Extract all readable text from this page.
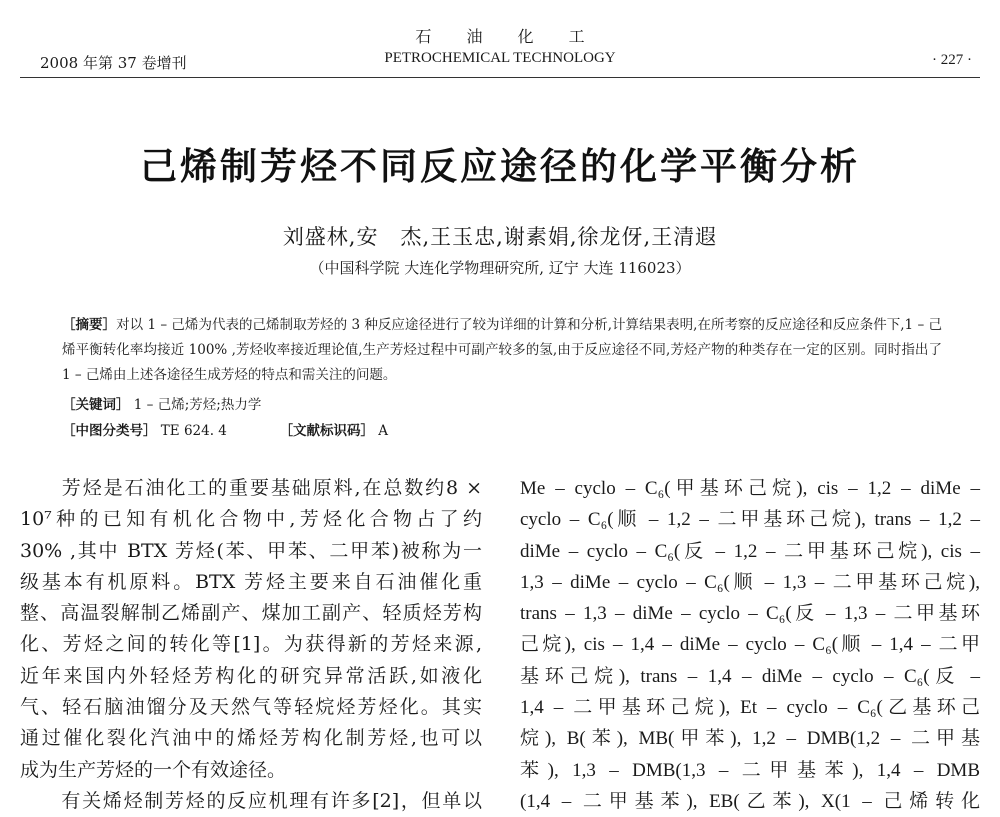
2008 年第 37 卷增刊
石 油 化 工
PETROCHEMICAL TECHNOLOGY	· 227 ·
己烯制芳烃不同反应途径的化学平衡分析
刘盛林,安　杰,王玉忠,谢素娟,徐龙伢,王清遐
（中国科学院 大连化学物理研究所, 辽宁 大连 116023）
［摘要］对以 1 – 己烯为代表的己烯制取芳烃的 3 种反应途径进行了较为详细的计算和分析,计算结果表明,在所考察的反应途径和反应条件下,1 – 己烯平衡转化率均接近 100% ,芳烃收率接近理论值,生产芳烃过程中可副产较多的氢,由于反应途径不同,芳烃产物的种类存在一定的区别。同时指出了 1 – 己烯由上述各途径生成芳烃的特点和需关注的问题。
［关键词］ 1 – 己烯;芳烃;热力学
［中图分类号］ TE 624. 4	［文献标识码］ A
　　芳烃是石油化工的重要基础原料,在总数约8 ×
10⁷种的已知有机化合物中,芳烃化合物占了约
30% ,其中 BTX 芳烃(苯、甲苯、二甲苯)被称为一
级基本有机原料。BTX 芳烃主要来自石油催化重
整、高温裂解制乙烯副产、煤加工副产、轻质烃芳构
化、芳烃之间的转化等[1]。为获得新的芳烃来源,
近年来国内外轻烃芳构化的研究异常活跃,如液化
气、轻石脑油馏分及天然气等轻烷烃芳烃化。其实
通过催化裂化汽油中的烯烃芳构化制芳烃,也可以
成为生产芳烃的一个有效途径。
　　有关烯烃制芳烃的反应机理有许多[2]，但单以
Me – cyclo – C₆(甲基环己烷), cis – 1,2 – diMe –
cyclo – C₆(顺 – 1,2 – 二甲基环己烷), trans – 1,2 –
diMe – cyclo – C₆(反 – 1,2 – 二甲基环己烷), cis –
1,3 – diMe – cyclo – C₆(顺 – 1,3 – 二甲基环己烷),
trans – 1,3 – diMe – cyclo – C₆(反 – 1,3 – 二甲基环
己烷), cis – 1,4 – diMe – cyclo – C₆(顺 – 1,4 – 二甲
基环己烷), trans – 1,4 – diMe – cyclo – C₆(反 –
1,4 – 二甲基环己烷), Et – cyclo – C₆(乙基环己
烷), B(苯), MB(甲苯), 1,2 – DMB(1,2 – 二甲基
苯), 1,3 – DMB(1,3 – 二甲基苯), 1,4 – DMB
(1,4 – 二甲基苯), EB(乙苯), X(1 – 己烯转化
